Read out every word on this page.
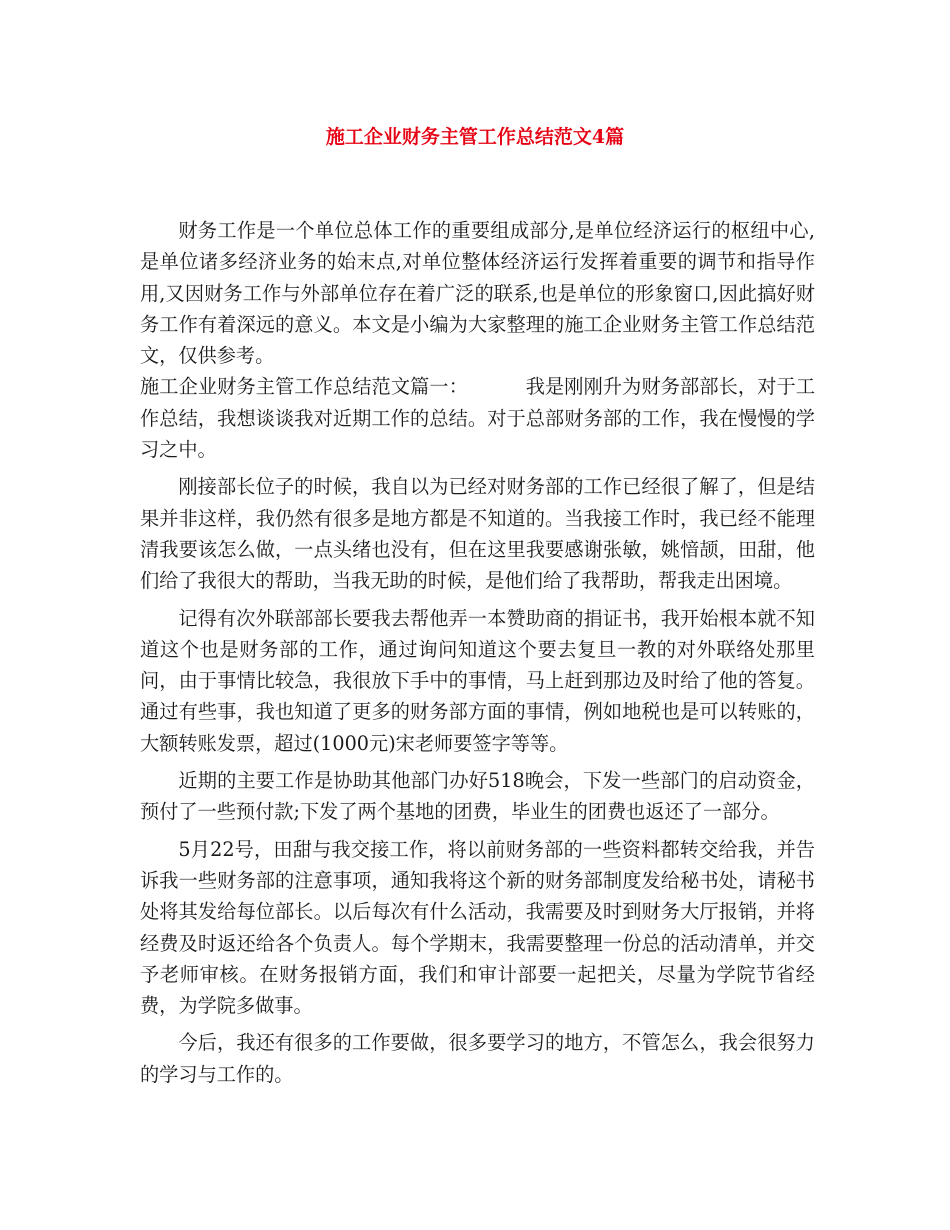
施工企业财务主管工作总结范文4篇

财务工作是一个单位总体工作的重要组成部分,是单位经济运行的枢纽中心,是单位诸多经济业务的始末点,对单位整体经济运行发挥着重要的调节和指导作用,又因财务工作与外部单位存在着广泛的联系,也是单位的形象窗口,因此搞好财务工作有着深远的意义。本文是小编为大家整理的施工企业财务主管工作总结范文，仅供参考。

施工企业财务主管工作总结范文篇一：	我是刚刚升为财务部部长，对于工作总结，我想谈谈我对近期工作的总结。对于总部财务部的工作，我在慢慢的学习之中。

刚接部长位子的时候，我自以为已经对财务部的工作已经很了解了，但是结果并非这样，我仍然有很多是地方都是不知道的。当我接工作时，我已经不能理清我要该怎么做，一点头绪也没有，但在这里我要感谢张敏，姚愔颉，田甜，他们给了我很大的帮助，当我无助的时候，是他们给了我帮助，帮我走出困境。

记得有次外联部部长要我去帮他弄一本赞助商的捐证书，我开始根本就不知道这个也是财务部的工作，通过询问知道这个要去复旦一教的对外联络处那里问，由于事情比较急，我很放下手中的事情，马上赶到那边及时给了他的答复。通过有些事，我也知道了更多的财务部方面的事情，例如地税也是可以转账的，大额转账发票，超过(1000元)宋老师要签字等等。

近期的主要工作是协助其他部门办好518晚会，下发一些部门的启动资金，预付了一些预付款;下发了两个基地的团费，毕业生的团费也返还了一部分。

5月22号，田甜与我交接工作，将以前财务部的一些资料都转交给我，并告诉我一些财务部的注意事项，通知我将这个新的财务部制度发给秘书处，请秘书处将其发给每位部长。以后每次有什么活动，我需要及时到财务大厅报销，并将经费及时返还给各个负责人。每个学期末，我需要整理一份总的活动清单，并交予老师审核。在财务报销方面，我们和审计部要一起把关，尽量为学院节省经费，为学院多做事。

今后，我还有很多的工作要做，很多要学习的地方，不管怎么，我会很努力的学习与工作的。
